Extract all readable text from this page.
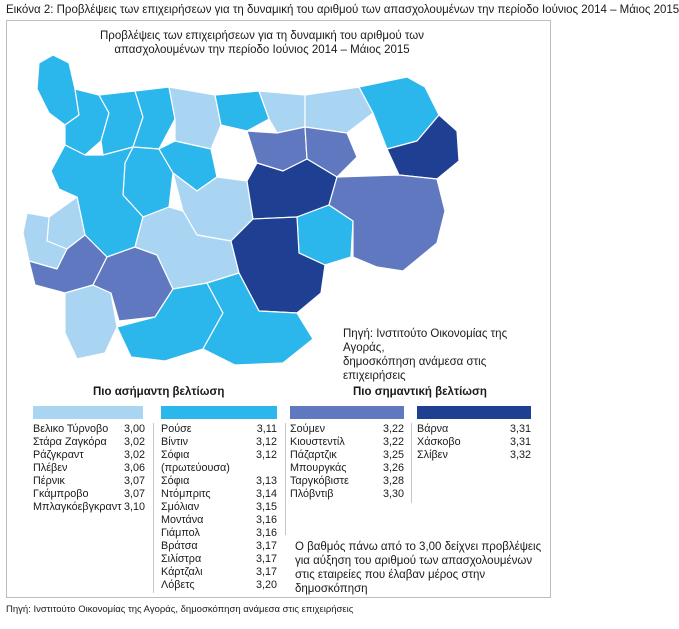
Εικόνα 2: Προβλέψεις των επιχειρήσεων για τη δυναμική του αριθμού των απασχολουμένων την περίοδο Ιούνιος 2014 – Μάιος 2015
Προβλέψεις των επιχειρήσεων για τη δυναμική του αριθμού των
απασχολουμένων την περίοδο Ιούνιος 2014 – Μάιος 2015
Πηγή: Ινστιτούτο Οικονομίας της Αγοράς,
δημοσκόπηση ανάμεσα στις επιχειρήσεις
Πιο ασήμαντη βελτίωση	Πιο σημαντική βελτίωση
Βελικο Τύρνοβο 3,00
Στάρα Ζαγκόρα 3,02
Ράζγκραντ	3,02
Πλέβεν	3,06
Πέρνικ	3,07
Γκάμπροβο	3,07
Μπλαγκόεβγκραντ 3,10
Ρούσε	3,11
Βίντιν	3,12
Σόφια (πρωτεύουσα)
3,12
Σόφια	3,13
Ντόμπριτς	3,14
Σμόλιαν	3,15
Μοντάνα	3,16
Γιάμπολ	3,16
Βράτσα	3,17
Σιλίστρα	3,17
Κάρτζαλι	3,17
Λόβετς	3,20
Σούμεν	3,22
Κιουστεντίλ	3,22
Πάζαρτζικ	3,25
Μπουργκάς	3,26
Ταργκόβιστε	3,28
Πλόβντιβ	3,30
Βάρνα	3,31
Χάσκοβο	3,31
Σλίβεν	3,32
Ο βαθμός πάνω από το 3,00 δείχνει προβλέψεις
για αύξηση του αριθμού των απασχολουμένων
στις εταιρείες που έλαβαν μέρος στην δημοσκόπηση
Πηγή: Ινστιτούτο Οικονομίας της Αγοράς, δημοσκόπηση ανάμεσα στις επιχειρήσεις
